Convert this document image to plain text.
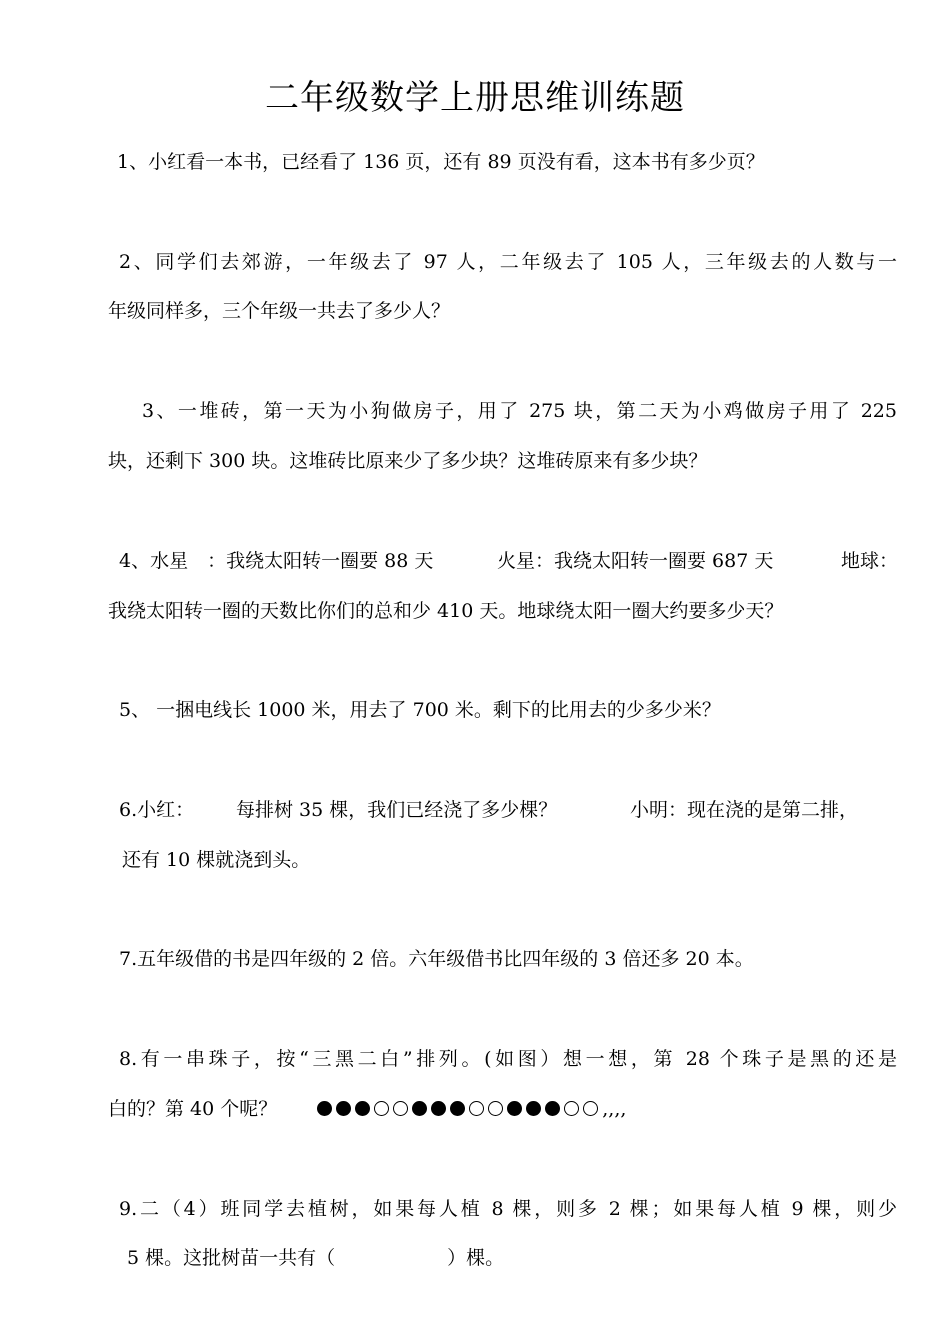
二年级数学上册思维训练题
1、小红看一本书，已经看了 136 页，还有 89 页没有看，这本书有多少页？
2、同学们去郊游，一年级去了 97 人，二年级去了 105 人，三年级去的人数与一
年级同样多，三个年级一共去了多少人？
3、一堆砖，第一天为小狗做房子，用了 275 块，第二天为小鸡做房子用了 225
块，还剩下 300 块。这堆砖比原来少了多少块？这堆砖原来有多少块？
4、水星　：我绕太阳转一圈要 88 天	火星：我绕太阳转一圈要 687 天	地球：
我绕太阳转一圈的天数比你们的总和少 410 天。地球绕太阳一圈大约要多少天？
5、 一捆电线长 1000 米，用去了 700 米。剩下的比用去的少多少米？
6.小红： 每排树 35 棵，我们已经浇了多少棵？	小明：现在浇的是第二排，
还有 10 棵就浇到头。
7.五年级借的书是四年级的 2 倍。六年级借书比四年级的 3 倍还多 20 本。
8.有一串珠子，按“三黑二白”排列。(如图）想一想，第 28 个珠子是黑的还是
白的？第 40 个呢？	,,,,
9.二（4）班同学去植树，如果每人植 8 棵，则多 2 棵；如果每人植 9 棵，则少
5 棵。这批树苗一共有（	）棵。
